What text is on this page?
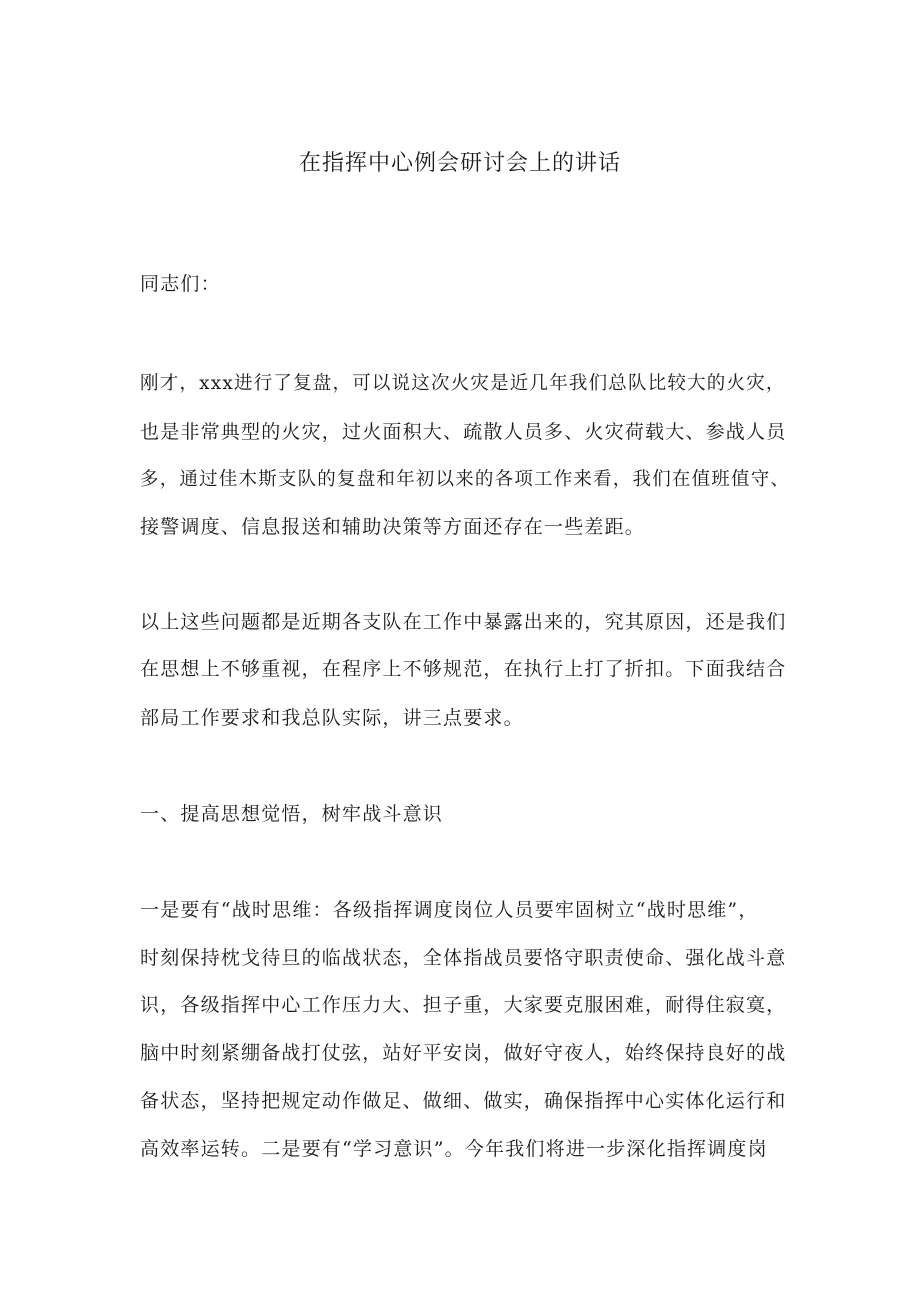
在指挥中心例会研讨会上的讲话

同志们：

刚才，xxx进行了复盘，可以说这次火灾是近几年我们总队比较大的火灾，

也是非常典型的火灾，过火面积大、疏散人员多、火灾荷载大、参战人员

多，通过佳木斯支队的复盘和年初以来的各项工作来看，我们在值班值守、

接警调度、信息报送和辅助决策等方面还存在一些差距。

以上这些问题都是近期各支队在工作中暴露出来的，究其原因，还是我们

在思想上不够重视，在程序上不够规范，在执行上打了折扣。下面我结合

部局工作要求和我总队实际，讲三点要求。

一、提高思想觉悟，树牢战斗意识

一是要有“战时思维：各级指挥调度岗位人员要牢固树立“战时思维”，

时刻保持枕戈待旦的临战状态，全体指战员要恪守职责使命、强化战斗意

识，各级指挥中心工作压力大、担子重，大家要克服困难，耐得住寂寞，

脑中时刻紧绷备战打仗弦，站好平安岗，做好守夜人，始终保持良好的战

备状态，坚持把规定动作做足、做细、做实，确保指挥中心实体化运行和

高效率运转。二是要有“学习意识”。今年我们将进一步深化指挥调度岗
